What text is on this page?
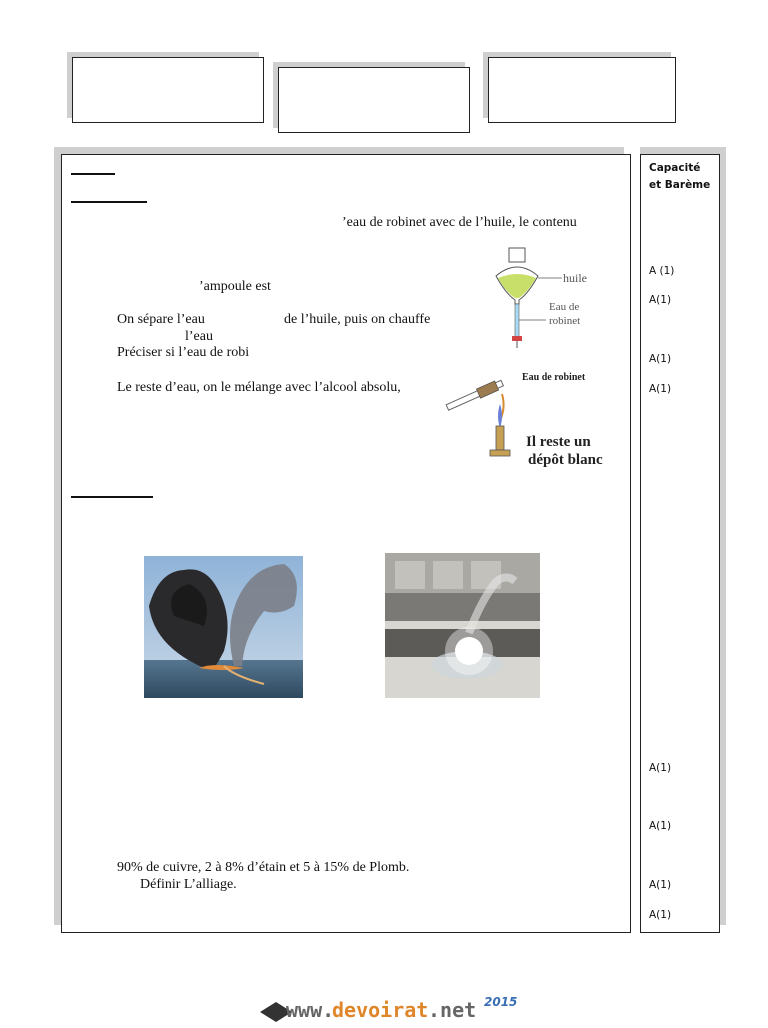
’eau de robinet avec de l’huile, le contenu
’ampoule est
On sépare l’eau	de l’huile, puis on chauffe
l’eau
Préciser si l’eau de robi
Le reste d’eau, on le mélange avec l’alcool absolu,
huile
Eau de
robinet
Eau de robinet
Il reste un
dépôt blanc
90% de cuivre, 2 à 8% d’étain et 5 à 15% de Plomb.
Définir L’alliage.
Capacité
et Barème
A (1)
A(1)
A(1)
A(1)
A(1)
A(1)
A(1)
A(1)
www.
devoirat .net 2015
